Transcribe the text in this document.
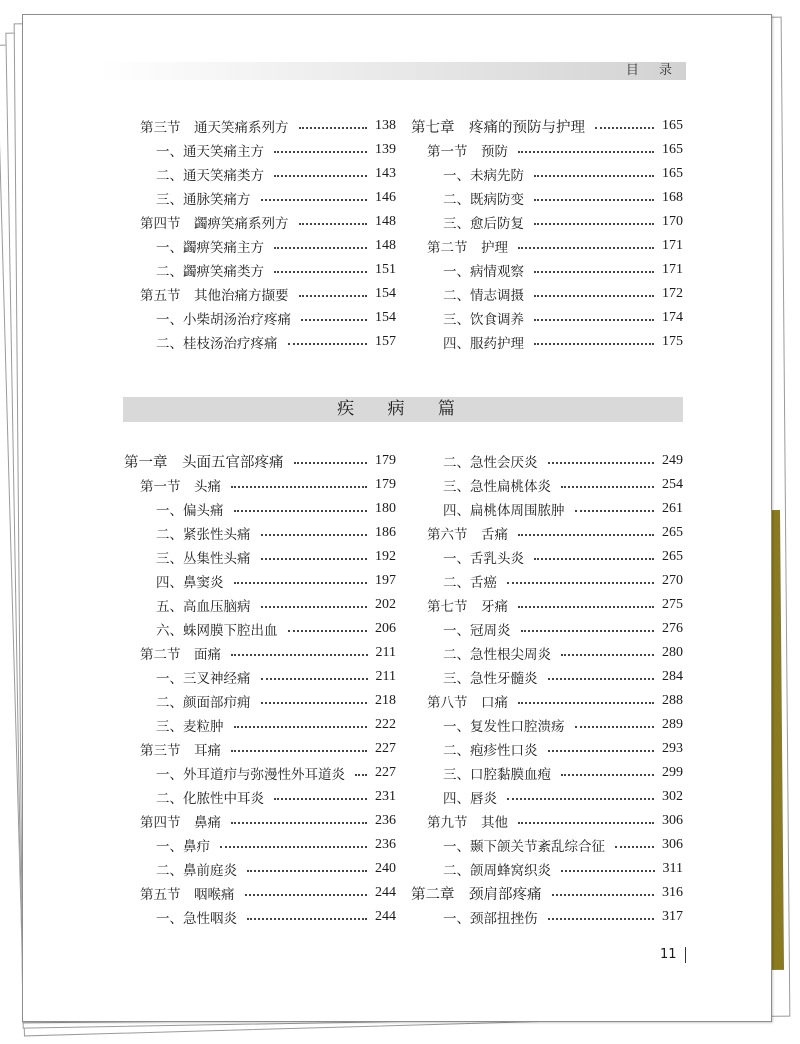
目 录
第三节　通天笑痛系列方	138
一、通天笑痛主方	139
二、通天笑痛类方	143
三、通脉笑痛方	146
第四节　蠲痹笑痛系列方	148
一、蠲痹笑痛主方	148
二、蠲痹笑痛类方	151
第五节　其他治痛方撷要	154
一、小柴胡汤治疗疼痛	154
二、桂枝汤治疗疼痛	157
第七章　疼痛的预防与护理	165
第一节　预防	165
一、未病先防	165
二、既病防变	168
三、愈后防复	170
第二节　护理	171
一、病情观察	171
二、情志调摄	172
三、饮食调养	174
四、服药护理	175
疾 病 篇
第一章　头面五官部疼痛	179
第一节　头痛	179
一、偏头痛	180
二、紧张性头痛	186
三、丛集性头痛	192
四、鼻窦炎	197
五、高血压脑病	202
六、蛛网膜下腔出血	206
第二节　面痛	211
一、三叉神经痛	211
二、颜面部疖痈	218
三、麦粒肿	222
第三节　耳痛	227
一、外耳道疖与弥漫性外耳道炎	227
二、化脓性中耳炎	231
第四节　鼻痛	236
一、鼻疖	236
二、鼻前庭炎	240
第五节　咽喉痛	244
一、急性咽炎	244
二、急性会厌炎	249
三、急性扁桃体炎	254
四、扁桃体周围脓肿	261
第六节　舌痛	265
一、舌乳头炎	265
二、舌癌	270
第七节　牙痛	275
一、冠周炎	276
二、急性根尖周炎	280
三、急性牙髓炎	284
第八节　口痛	288
一、复发性口腔溃疡	289
二、疱疹性口炎	293
三、口腔黏膜血疱	299
四、唇炎	302
第九节　其他	306
一、颞下颌关节紊乱综合征	306
二、颌周蜂窝织炎	311
第二章　颈肩部疼痛	316
一、颈部扭挫伤	317
11
